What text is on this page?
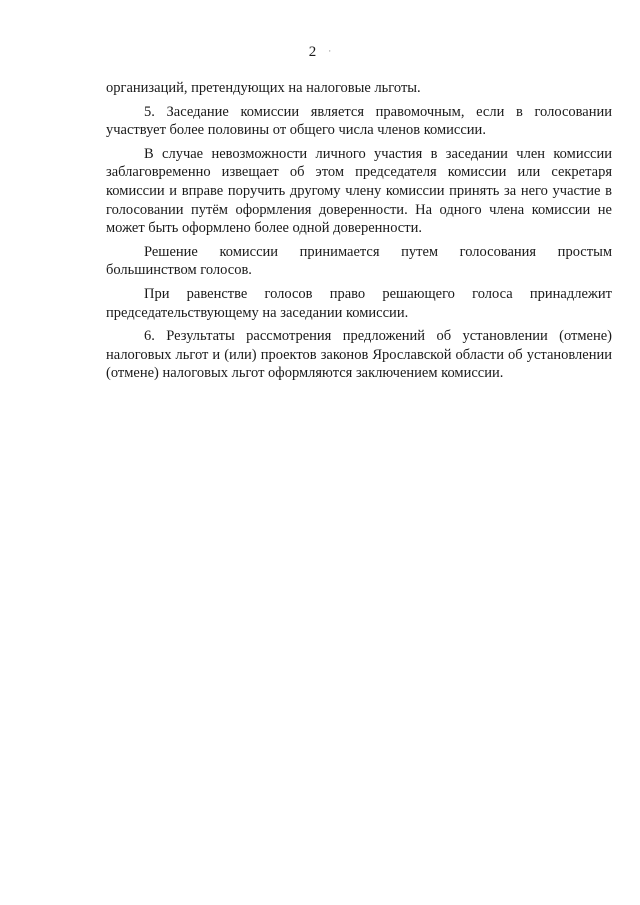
2 ·

организаций, претендующих на налоговые льготы.

5. Заседание комиссии является правомочным, если в голосовании участвует более половины от общего числа членов комиссии.

В случае невозможности личного участия в заседании член комиссии заблаговременно извещает об этом председателя комиссии или секретаря комиссии и вправе поручить другому члену комиссии принять за него участие в голосовании путём оформления доверенности. На одного члена комиссии не может быть оформлено более одной доверенности.

Решение комиссии принимается путем голосования простым большинством голосов.

При равенстве голосов право решающего голоса принадлежит председательствующему на заседании комиссии.

6. Результаты рассмотрения предложений об установлении (отмене) налоговых льгот и (или) проектов законов Ярославской области об установлении (отмене) налоговых льгот оформляются заключением комиссии.
